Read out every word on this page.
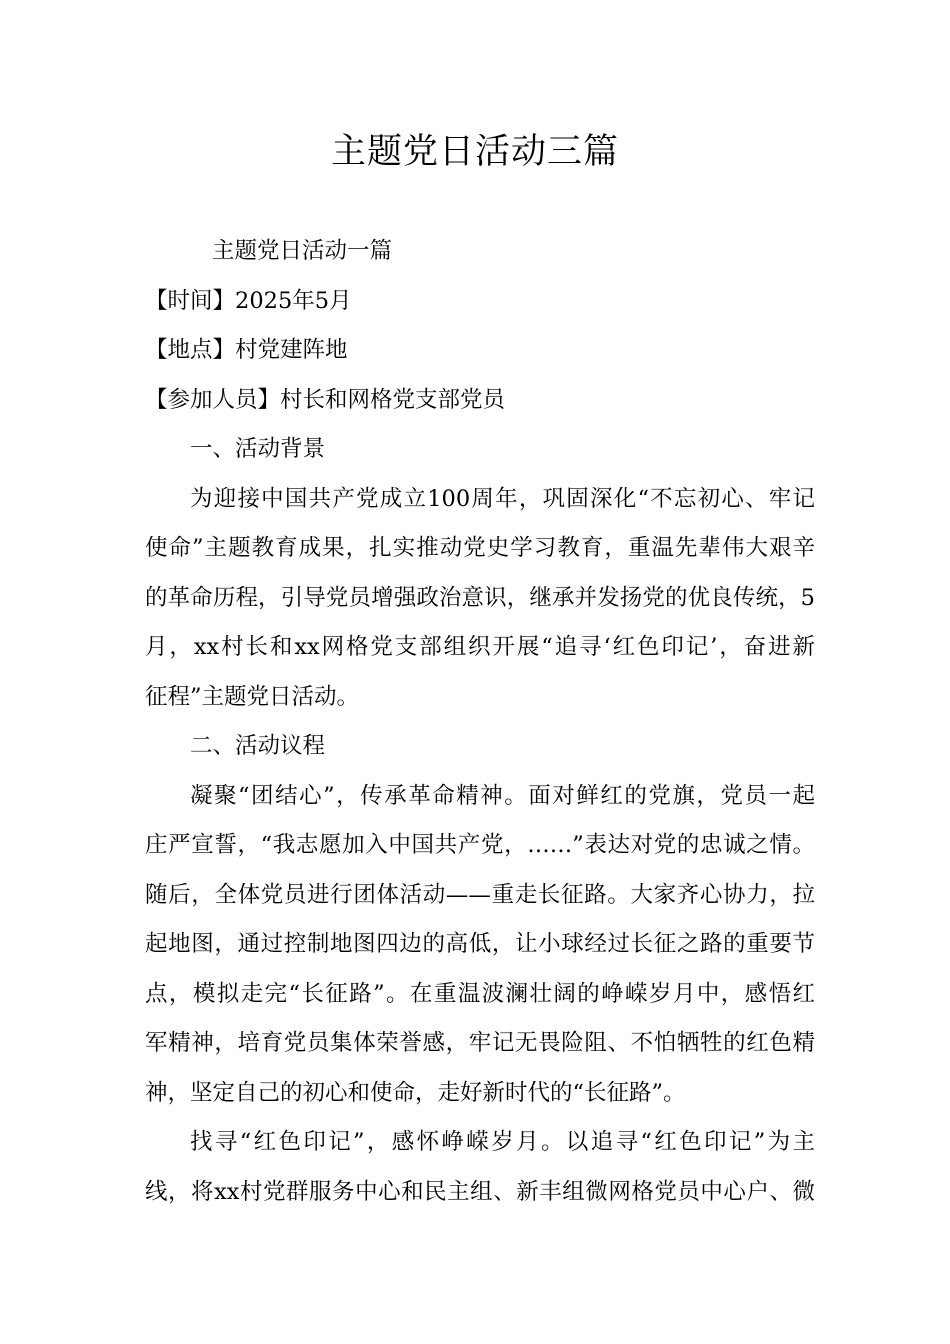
主题党日活动三篇
主题党日活动一篇
【时间】2025年5月
【地点】村党建阵地
【参加人员】村长和网格党支部党员
一、活动背景
为迎接中国共产党成立100周年，巩固深化“不忘初心、牢记
使命”主题教育成果，扎实推动党史学习教育，重温先辈伟大艰辛
的革命历程，引导党员增强政治意识，继承并发扬党的优良传统，5
月，xx村长和xx网格党支部组织开展“追寻‘红色印记’，奋进新
征程”主题党日活动。
二、活动议程
凝聚“团结心”，传承革命精神。面对鲜红的党旗，党员一起
庄严宣誓，“我志愿加入中国共产党，……”表达对党的忠诚之情。
随后，全体党员进行团体活动——重走长征路。大家齐心协力，拉
起地图，通过控制地图四边的高低，让小球经过长征之路的重要节
点，模拟走完“长征路”。在重温波澜壮阔的峥嵘岁月中，感悟红
军精神，培育党员集体荣誉感，牢记无畏险阻、不怕牺牲的红色精
神，坚定自己的初心和使命，走好新时代的“长征路”。
找寻“红色印记”，感怀峥嵘岁月。以追寻“红色印记”为主
线，将xx村党群服务中心和民主组、新丰组微网格党员中心户、微
